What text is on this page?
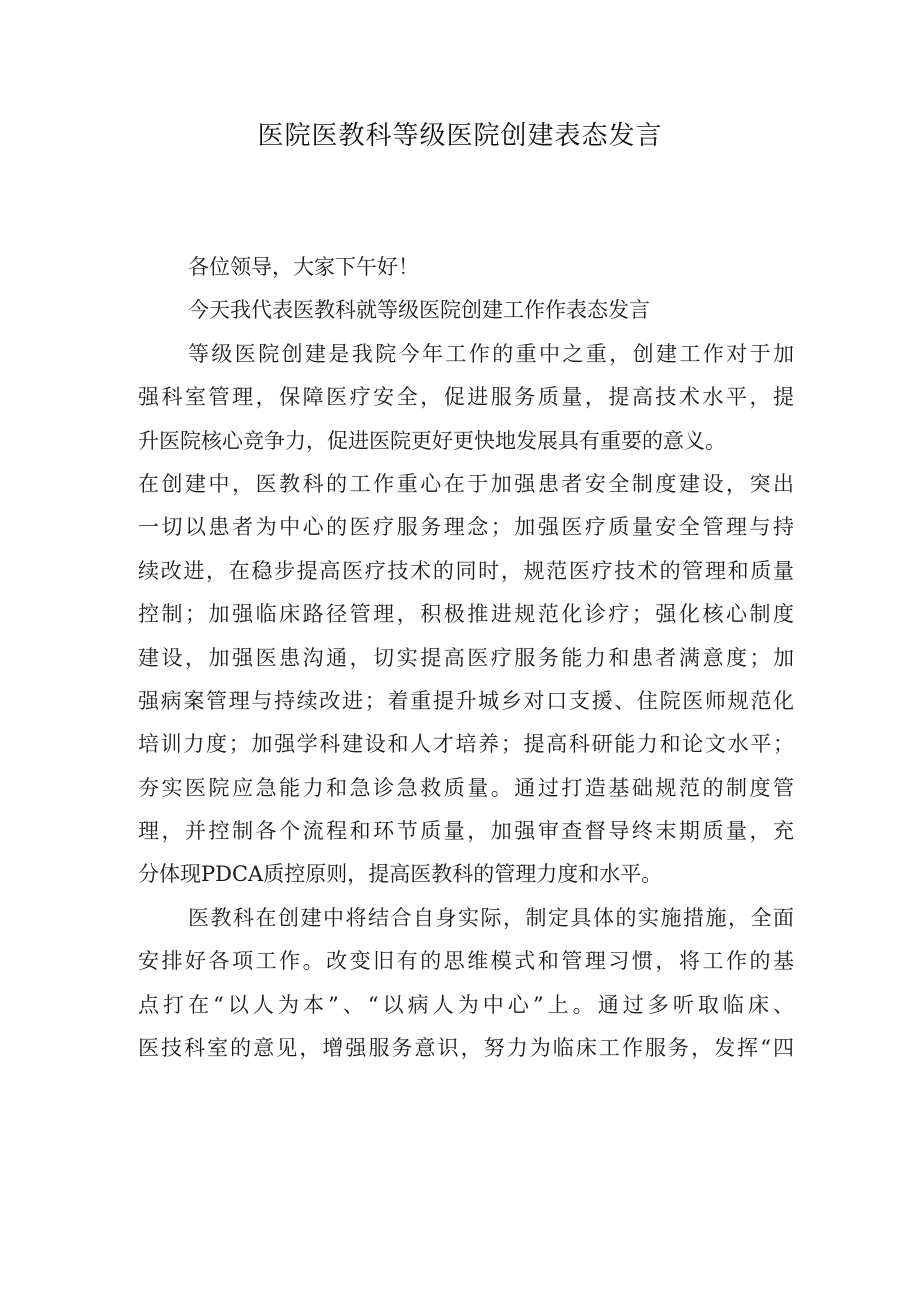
医院医教科等级医院创建表态发言
各位领导，大家下午好！
今天我代表医教科就等级医院创建工作作表态发言
等级医院创建是我院今年工作的重中之重，创建工作对于加
强科室管理，保障医疗安全，促进服务质量，提高技术水平，提
升医院核心竞争力，促进医院更好更快地发展具有重要的意义。
在创建中，医教科的工作重心在于加强患者安全制度建设，突出
一切以患者为中心的医疗服务理念；加强医疗质量安全管理与持
续改进，在稳步提高医疗技术的同时，规范医疗技术的管理和质量
控制；加强临床路径管理，积极推进规范化诊疗；强化核心制度
建设，加强医患沟通，切实提高医疗服务能力和患者满意度；加
强病案管理与持续改进；着重提升城乡对口支援、住院医师规范化
培训力度；加强学科建设和人才培养；提高科研能力和论文水平；
夯实医院应急能力和急诊急救质量。通过打造基础规范的制度管
理，并控制各个流程和环节质量，加强审查督导终末期质量，充
分体现PDCA质控原则，提高医教科的管理力度和水平。
医教科在创建中将结合自身实际，制定具体的实施措施，全面
安排好各项工作。改变旧有的思维模式和管理习惯，将工作的基
点打在“以人为本”、“以病人为中心”上。通过多听取临床、
医技科室的意见，增强服务意识，努力为临床工作服务，发挥“四
